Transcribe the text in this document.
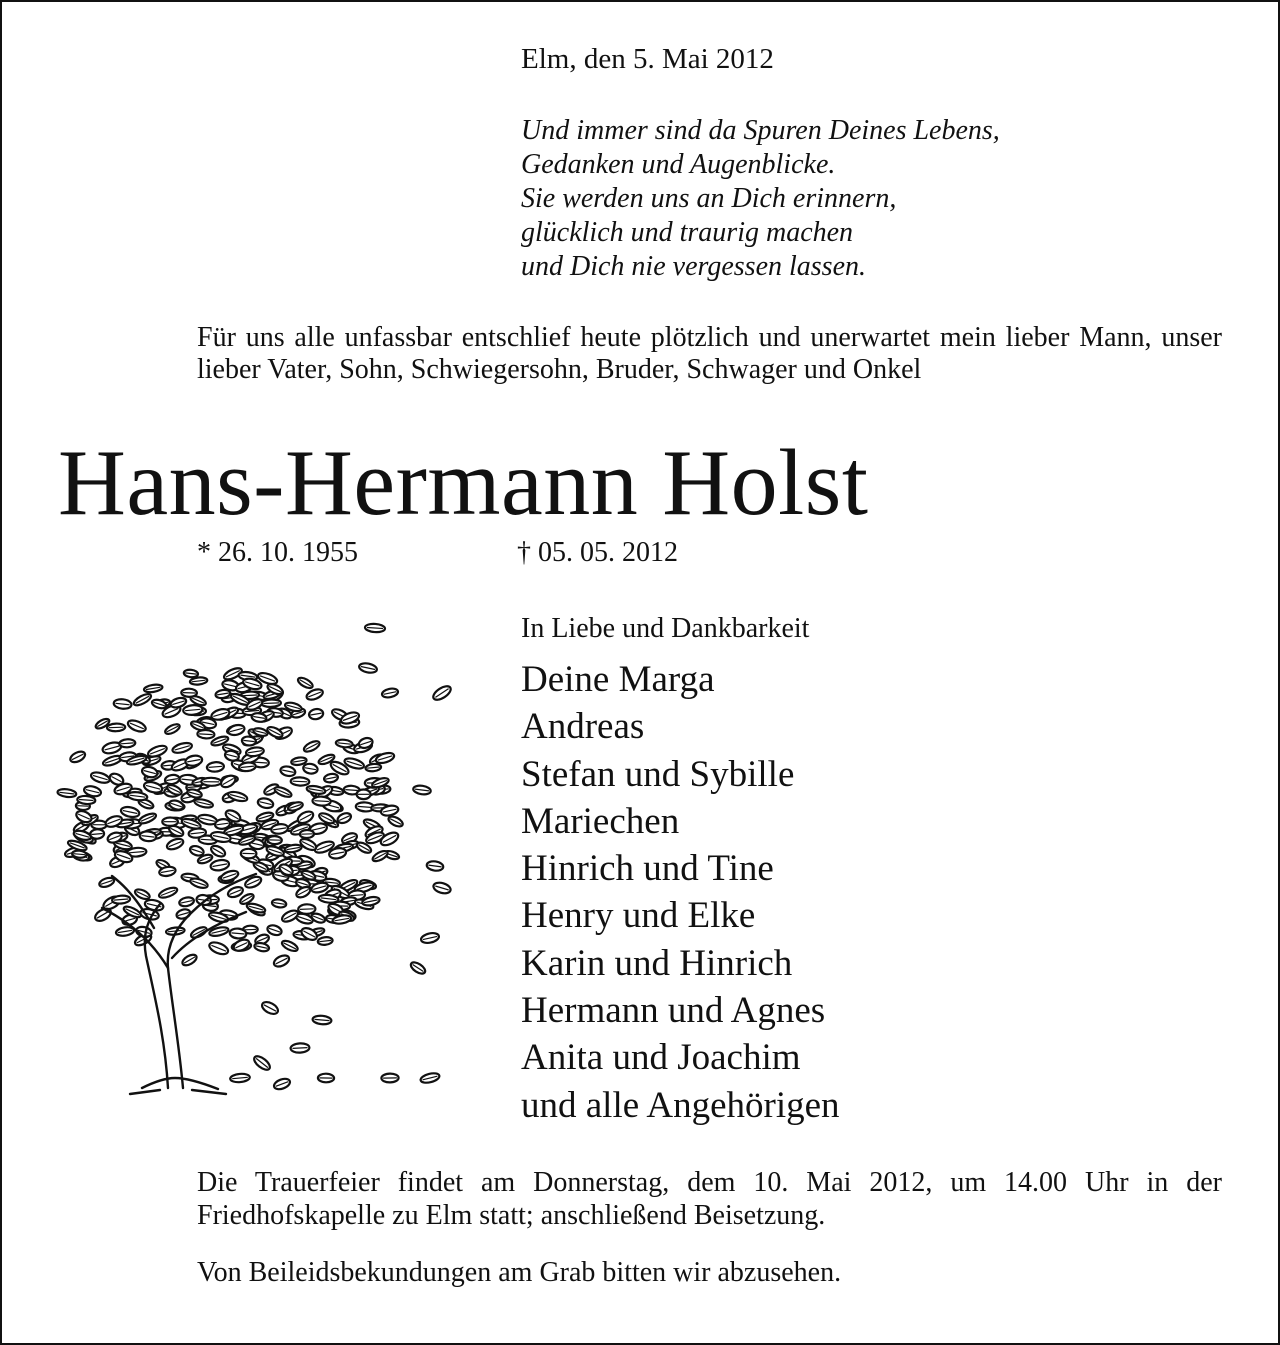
Elm, den 5. Mai 2012
Und immer sind da Spuren Deines Lebens,
Gedanken und Augenblicke.
Sie werden uns an Dich erinnern,
glücklich und traurig machen
und Dich nie vergessen lassen.
Für uns alle unfassbar entschlief heute plötzlich und unerwartet mein lieber Mann, unser lieber Vater, Sohn, Schwiegersohn, Bruder, Schwager und Onkel
Hans-Hermann Holst
* 26. 10. 1955	† 05. 05. 2012
In Liebe und Dankbarkeit
Deine Marga
Andreas
Stefan und Sybille
Mariechen
Hinrich und Tine
Henry und Elke
Karin und Hinrich
Hermann und Agnes
Anita und Joachim
und alle Angehörigen
Die Trauerfeier findet am Donnerstag, dem 10. Mai 2012, um 14.00 Uhr in der Friedhofskapelle zu Elm statt; anschließend Beisetzung.
Von Beileidsbekundungen am Grab bitten wir abzusehen.
